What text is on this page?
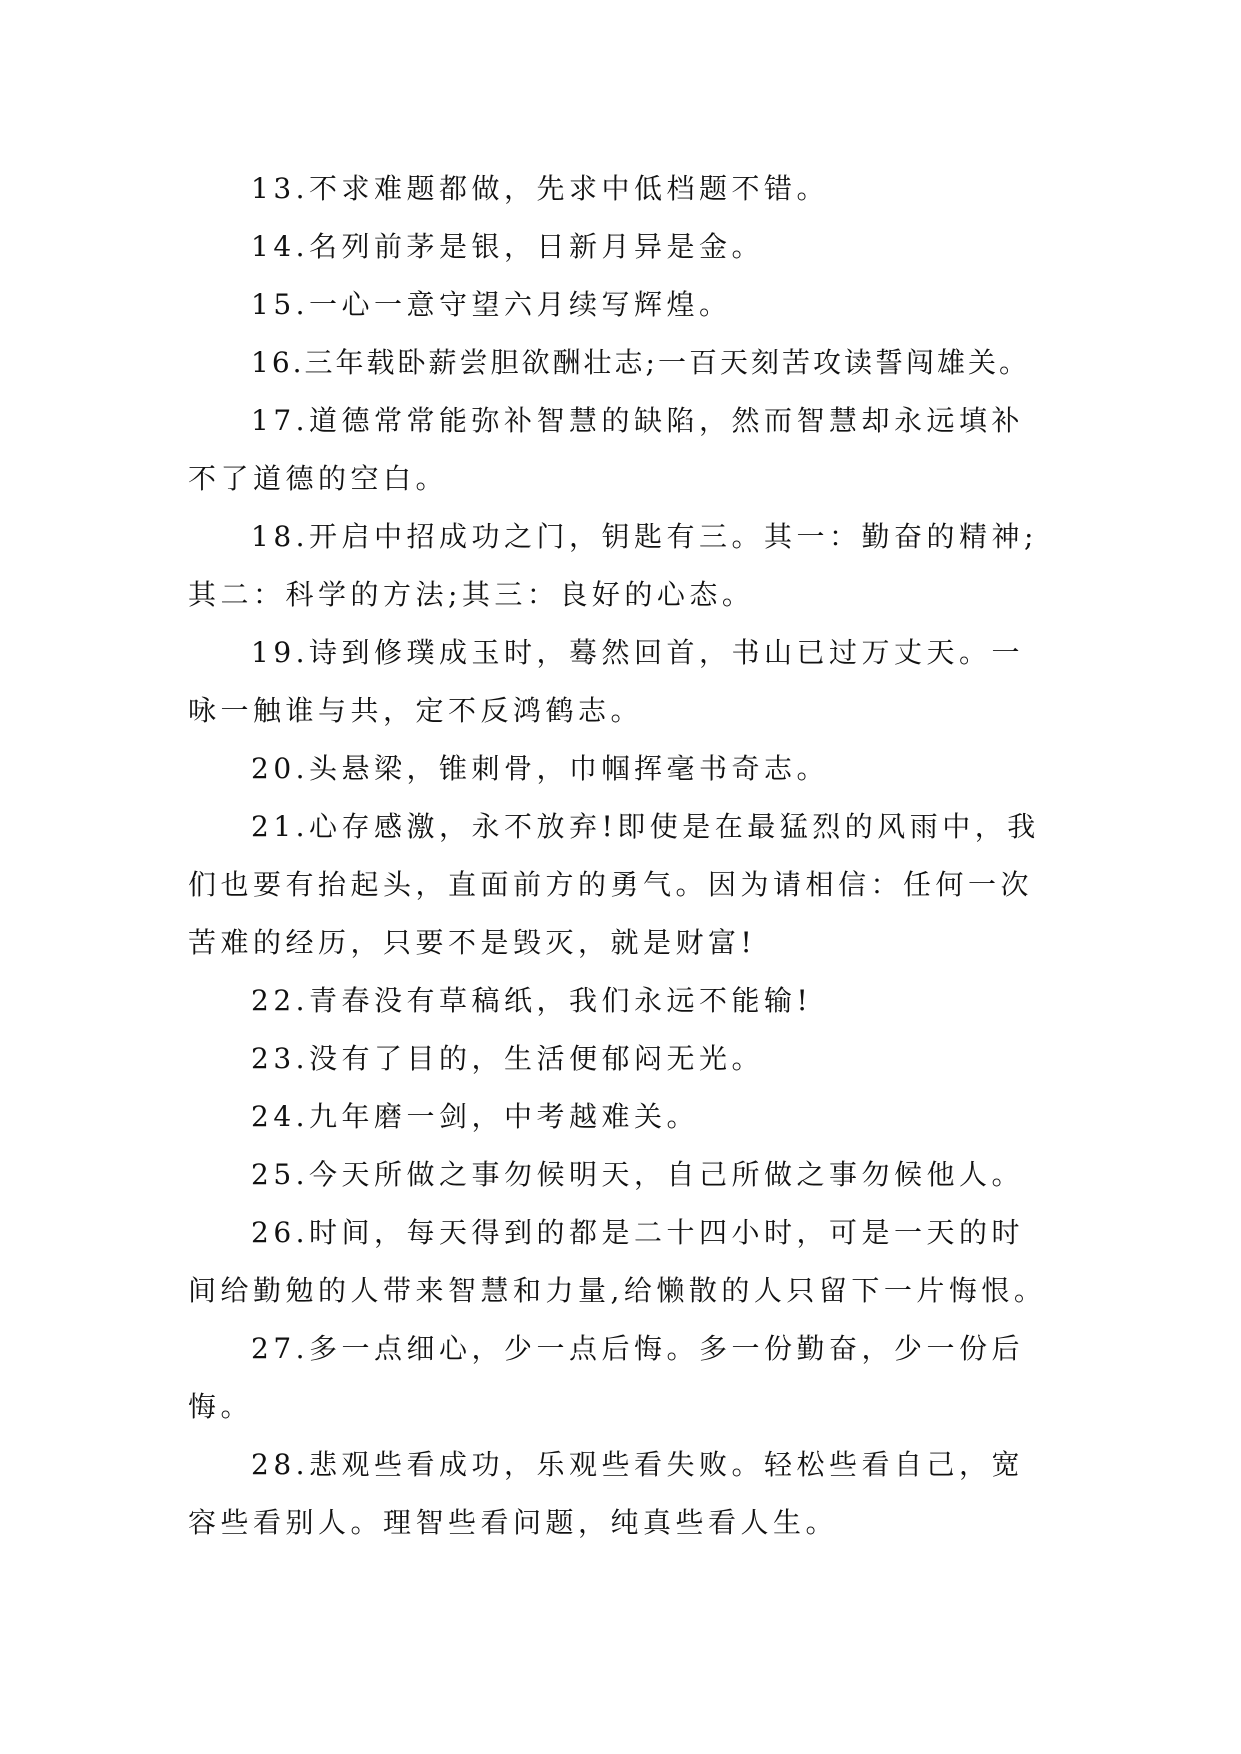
13.不求难题都做，先求中低档题不错。

14.名列前茅是银，日新月异是金。

15.一心一意守望六月续写辉煌。

16.三年载卧薪尝胆欲酬壮志;一百天刻苦攻读誓闯雄关。

17.道德常常能弥补智慧的缺陷，然而智慧却永远填补不了道德的空白。

18.开启中招成功之门，钥匙有三。其一：勤奋的精神;其二：科学的方法;其三：良好的心态。

19.诗到修璞成玉时，蓦然回首，书山已过万丈天。一咏一触谁与共，定不反鸿鹤志。

20.头悬梁，锥刺骨，巾帼挥毫书奇志。

21.心存感激，永不放弃!即使是在最猛烈的风雨中，我们也要有抬起头，直面前方的勇气。因为请相信：任何一次苦难的经历，只要不是毁灭，就是财富!

22.青春没有草稿纸，我们永远不能输!

23.没有了目的，生活便郁闷无光。

24.九年磨一剑，中考越难关。

25.今天所做之事勿候明天，自己所做之事勿候他人。

26.时间，每天得到的都是二十四小时，可是一天的时间给勤勉的人带来智慧和力量,给懒散的人只留下一片悔恨。

27.多一点细心，少一点后悔。多一份勤奋，少一份后悔。

28.悲观些看成功，乐观些看失败。轻松些看自己，宽容些看别人。理智些看问题，纯真些看人生。
